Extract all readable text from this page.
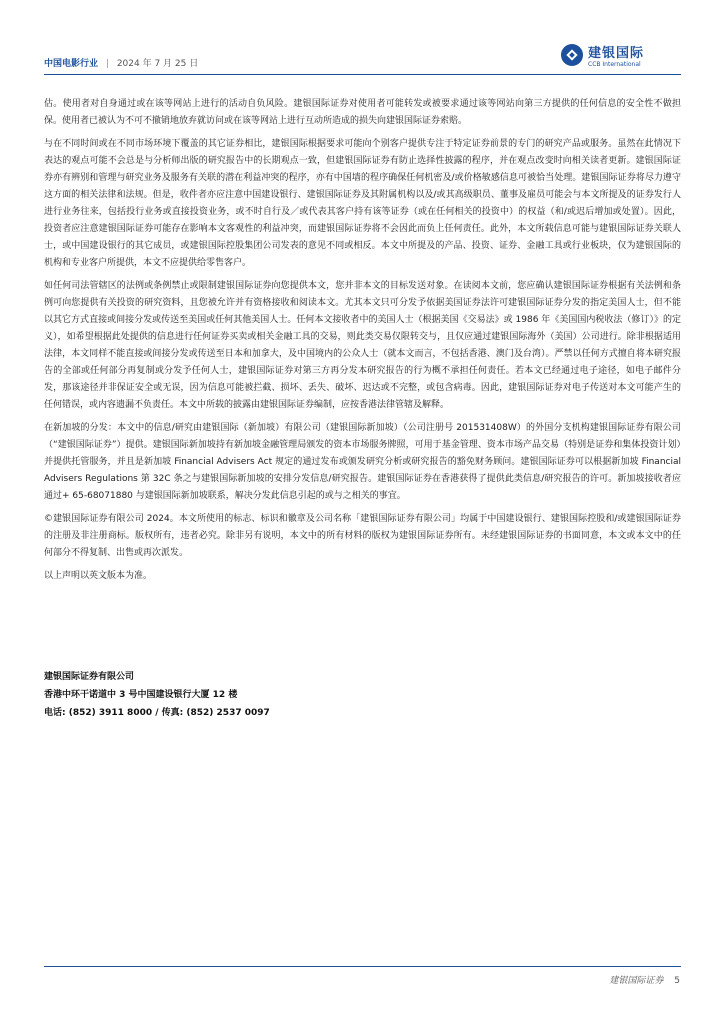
中国电影行业 | 2024 年 7 月 25 日
建银国际
CCB International

估。使用者对自身通过或在该等网站上进行的活动自负风险。建银国际证券对使用者可能转发或被要求通过该等网站向第三方提供的任何信息的安全性不做担保。使用者已被认为不可不撤销地放弃就访问或在该等网站上进行互动所造成的损失向建银国际证券索赔。

与在不同时间或在不同市场环境下覆盖的其它证券相比，建银国际根据要求可能向个别客户提供专注于特定证券前景的专门的研究产品或服务。虽然在此情况下表达的观点可能不会总是与分析师出版的研究报告中的长期观点一致，但建银国际证券有防止选择性披露的程序，并在观点改变时向相关读者更新。建银国际证券亦有辨别和管理与研究业务及服务有关联的潜在利益冲突的程序，亦有中国墙的程序确保任何机密及/或价格敏感信息可被恰当处理。建银国际证券将尽力遵守这方面的相关法律和法规。但是，收件者亦应注意中国建设银行、建银国际证券及其附属机构以及/或其高级职员、董事及雇员可能会与本文所提及的证券发行人进行业务往来，包括投行业务或直接投资业务，或不时自行及／或代表其客户持有该等证券（或在任何相关的投资中）的权益（和/或迟后增加或处置）。因此，投资者应注意建银国际证券可能存在影响本文客观性的利益冲突，而建银国际证券将不会因此而负上任何责任。此外，本文所载信息可能与建银国际证券关联人士，或中国建设银行的其它成员，或建银国际控股集团公司发表的意见不同或相反。本文中所提及的产品、投资、证券、金融工具或行业板块，仅为建银国际的机构和专业客户所提供，本文不应提供给零售客户。

如任何司法管辖区的法例或条例禁止或限制建银国际证券向您提供本文，您并非本文的目标发送对象。在读阅本文前，您应确认建银国际证券根据有关法例和条例可向您提供有关投资的研究资料，且您被允许并有资格接收和阅读本文。尤其本文只可分发予依据美国证券法许可建银国际证券分发的指定美国人士，但不能以其它方式直接或间接分发或传送至美国或任何其他美国人士。任何本文接收者中的美国人士（根据美国《交易法》或 1986 年《美国国内税收法（修订）》的定义），如希望根据此处提供的信息进行任何证券买卖或相关金融工具的交易，则此类交易仅限转交与，且仅应通过建银国际海外（美国）公司进行。除非根据适用法律，本文同样不能直接或间接分发或传送至日本和加拿大，及中国境内的公众人士（就本文而言，不包括香港、澳门及台湾）。严禁以任何方式擅自将本研究报告的全部或任何部分再复制或分发予任何人士，建银国际证券对第三方再分发本研究报告的行为概不承担任何责任。若本文已经通过电子途径，如电子邮件分发，那该途径并非保证安全或无误，因为信息可能被拦截、损坏、丢失、破坏、迟达或不完整，或包含病毒。因此，建银国际证券对电子传送对本文可能产生的任何错误，或内容遗漏不负责任。本文中所载的披露由建银国际证券编制，应按香港法律管辖及解释。

在新加坡的分发：本文中的信息/研究由建银国际（新加坡）有限公司（建银国际新加坡）（公司注册号 201531408W）的外国分支机构建银国际证券有限公司（“建银国际证券”）提供。建银国际新加坡持有新加坡金融管理局颁发的资本市场服务牌照，可用于基金管理、资本市场产品交易（特别是证券和集体投资计划）并提供托管服务，并且是新加坡 Financial Advisers Act 规定的通过发布或颁发研究分析或研究报告的豁免财务顾问。建银国际证券可以根据新加坡 Financial Advisers Regulations 第 32C 条之与建银国际新加坡的安排分发信息/研究报告。建银国际证券在香港获得了提供此类信息/研究报告的许可。新加坡接收者应通过+ 65-68071880 与建银国际新加坡联系，解决分发此信息引起的或与之相关的事宜。

©建银国际证券有限公司 2024。本文所使用的标志、标识和徽章及公司名称「建银国际证券有限公司」均属于中国建设银行、建银国际控股和/或建银国际证券的注册及非注册商标。版权所有，违者必究。除非另有说明，本文中的所有材料的版权为建银国际证券所有。未经建银国际证券的书面同意，本文或本文中的任何部分不得复制、出售或再次派发。

以上声明以英文版本为准。

建银国际证券有限公司
香港中环干诺道中 3 号中国建设银行大厦 12 楼
电话: (852) 3911 8000 / 传真: (852) 2537 0097
建银国际证券 5
